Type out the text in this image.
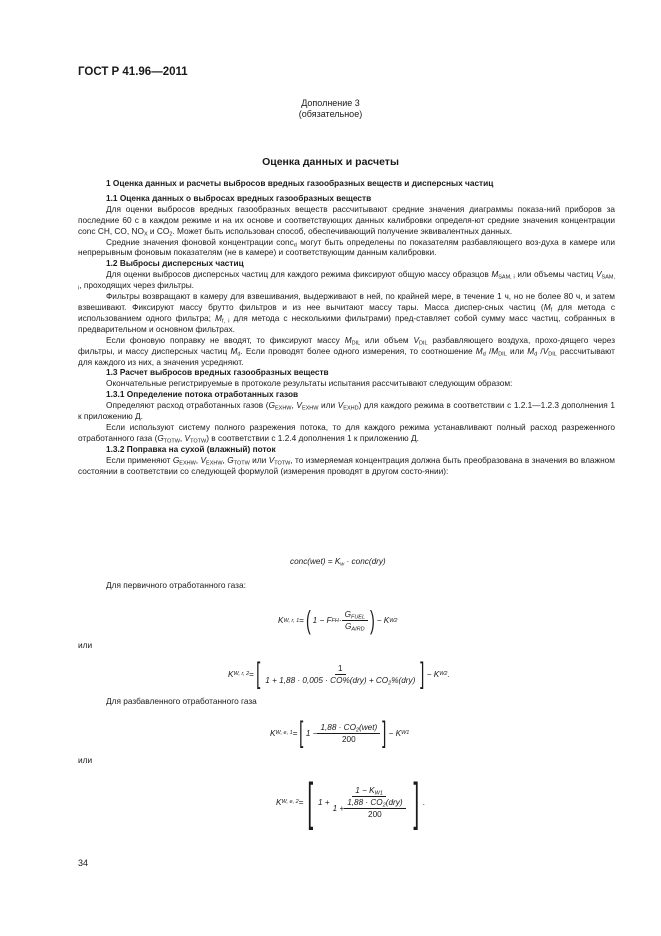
ГОСТ Р 41.96—2011
Дополнение 3
(обязательное)
Оценка данных и расчеты

1 Оценка данных и расчеты выбросов вредных газообразных веществ и дисперсных частиц

1.1 Оценка данных о выбросах вредных газообразных веществ

Для оценки выбросов вредных газообразных веществ рассчитывают средние значения диаграммы показа-ний приборов за последние 60 с в каждом режиме и на их основе и соответствующих данных калибровки определя-ют средние значения концентрации conc CH, CO, $NO_X$ и $CO_2$. Может быть использован способ, обеспечивающий получение эквивалентных данных.

Средние значения фоновой концентрации conc$_d$ могут быть определены по показателям разбавляющего воз-духа в камере или непрерывным фоновым показателям (не в камере) и соответствующим данным калибровки.

1.2 Выбросы дисперсных частиц

Для оценки выбросов дисперсных частиц для каждого режима фиксируют общую массу образцов $M_{SAM, i}$ или объемы частиц $V_{SAM, i}$, проходящих через фильтры.

Фильтры возвращают в камеру для взвешивания, выдерживают в ней, по крайней мере, в течение 1 ч, но не более 80 ч, и затем взвешивают. Фиксируют массу брутто фильтров и из нее вычитают массу тары. Масса диспер-сных частиц ($M_f$ для метода с использованием одного фильтра; $M_{f, i}$ для метода с несколькими фильтрами) пред-ставляет собой сумму масс частиц, собранных в предварительном и основном фильтрах.

Если фоновую поправку не вводят, то фиксируют массу $M_{DIL}$ или объем $V_{DIL}$ разбавляющего воздуха, прохо-дящего через фильтры, и массу дисперсных частиц $M_d$. Если проводят более одного измерения, то соотношение $M_d$ $/M_{DIL}$ или $M_d$ $/V_{DIL}$ рассчитывают для каждого из них, а значения усредняют.

1.3 Расчет выбросов вредных газообразных веществ

Окончательные регистрируемые в протоколе результаты испытания рассчитывают следующим образом:

1.3.1 Определение потока отработанных газов

Определяют расход отработанных газов ($G_{EXHW}$, $V_{EXHW}$ или $V_{EXHD}$) для каждого режима в соответствии с 1.2.1—1.2.3 дополнения 1 к приложению Д.

Если используют систему полного разрежения потока, то для каждого режима устанавливают полный расход разреженного отработанного газа ($G_{TOTW}$, $V_{TOTW}$) в соответствии с 1.2.4 дополнения 1 к приложению Д.

1.3.2 Поправка на сухой (влажный) поток

Если применяют $G_{EXHW}$, $V_{EXHW}$, $G_{TOTW}$ или $V_{TOTW}$, то измеряемая концентрация должна быть преобразована в значения во влажном состоянии в соответствии со следующей формулой (измерения проводят в другом состо-янии):

conc(wet) = $K_w$ · conc(dry)
Для первичного отработанного газа:
K W, r, 1 = ( 1 − F FH · $\frac{G_{FUEL}}{G_{AIRD}}$ ) − K W2
или
K W, r, 2 = [ $\frac{1}{1 + 1,88 \cdot 0,005 \cdot CO\%(dry) + CO_2\%(dry)}$ ] − K W2 .
Для разбавленного отработанного газа
K W, e, 1 = [ $1 - \frac{1,88 \cdot CO_2(wet)}{200}$ ] − K W1
или
K W, e, 2 = [ $1 + \frac{1 - K_{W1}}{1 + \frac{1,88 \cdot CO_2(dry)}{200}}$ ] .
34
